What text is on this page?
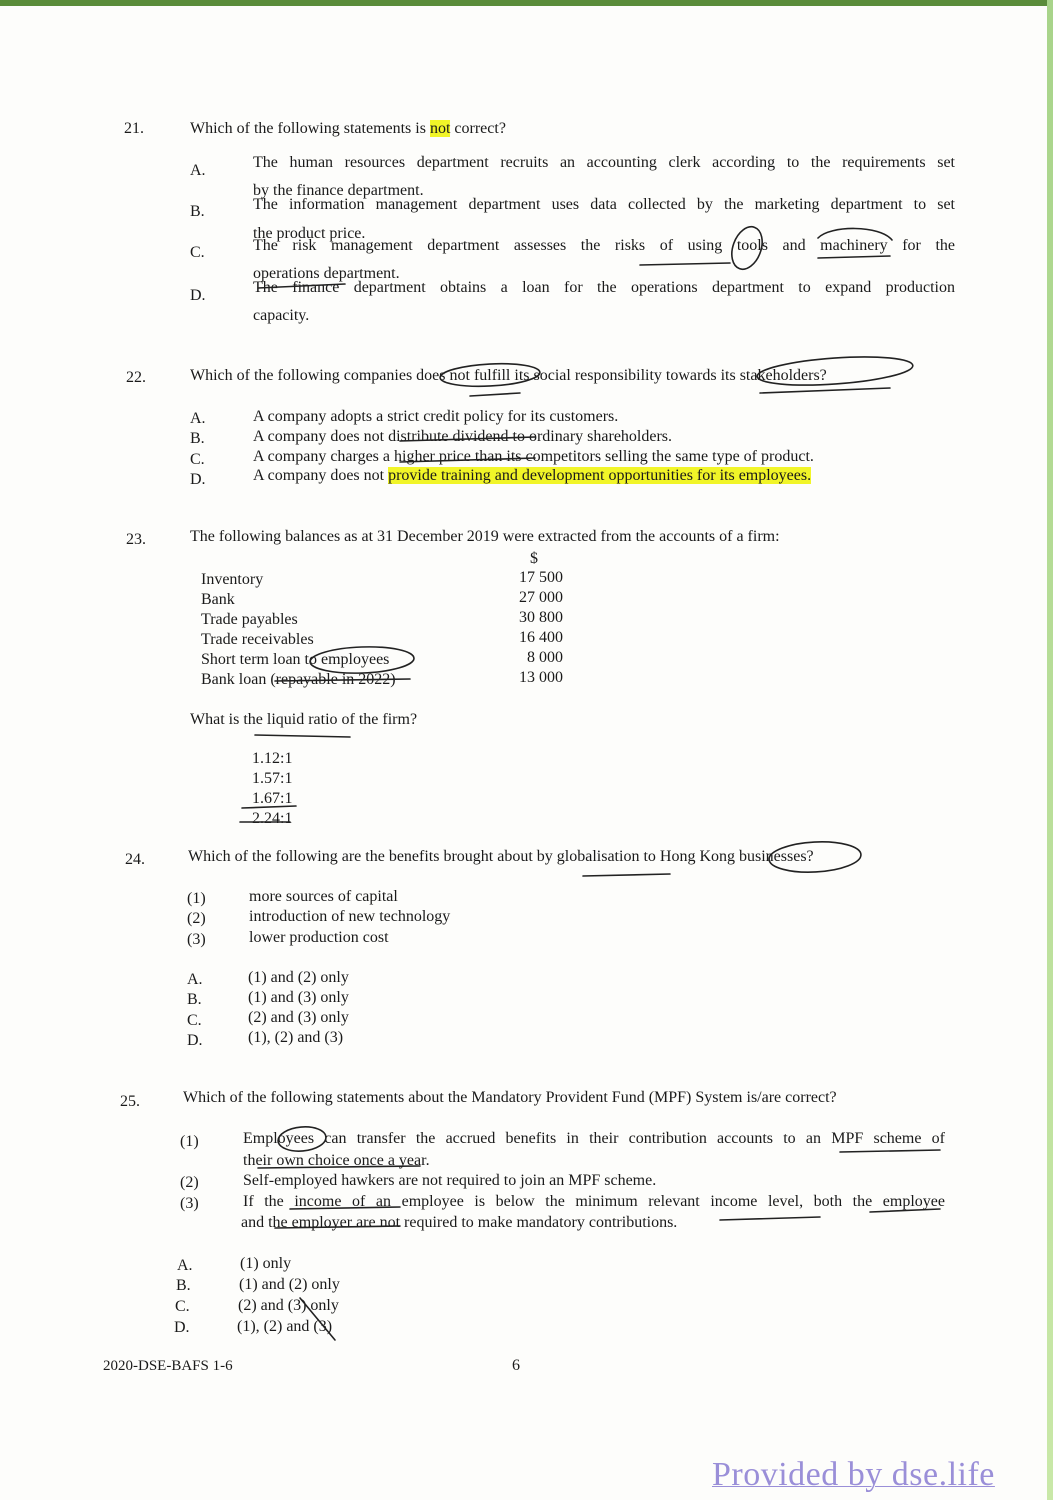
21.	Which of the following statements is not correct?
A.	The human resources department recruits an accounting clerk according to the requirements set
by the finance department.
B.	The information management department uses data collected by the marketing department to set
the product price.
C.	The risk management department assesses the risks of using tools and machinery for the
operations department.
D.	The finance department obtains a loan for the operations department to expand production
capacity.
22.	Which of the following companies does not fulfill its social responsibility towards its stakeholders?
A.	A company adopts a strict credit policy for its customers.
B.	A company does not distribute dividend to ordinary shareholders.
C.	A company charges a higher price than its competitors selling the same type of product.
D.	A company does not provide training and development opportunities for its employees.
23.	The following balances as at 31 December 2019 were extracted from the accounts of a firm:
$
Inventory	17 500
Bank	27 000
Trade payables	30 800
Trade receivables	16 400
Short term loan to employees	8 000
Bank loan (repayable in 2022)	13 000
What is the liquid ratio of the firm?
1.12:1
1.57:1
1.67:1
2.24:1
24.	Which of the following are the benefits brought about by globalisation to Hong Kong businesses?
(1)	more sources of capital
(2)	introduction of new technology
(3)	lower production cost
A.	(1) and (2) only
B.	(1) and (3) only
C.	(2) and (3) only
D.	(1), (2) and (3)
25.	Which of the following statements about the Mandatory Provident Fund (MPF) System is/are correct?
(1)	Employees can transfer the accrued benefits in their contribution accounts to an MPF scheme of
their own choice once a year.
(2)	Self-employed hawkers are not required to join an MPF scheme.
(3)	If the income of an employee is below the minimum relevant income level, both the employee
and the employer are not required to make mandatory contributions.
A.	(1) only
B.	(1) and (2) only
C.	(2) and (3) only
D.	(1), (2) and (3)
2020-DSE-BAFS 1-6	6
Provided by dse.life
